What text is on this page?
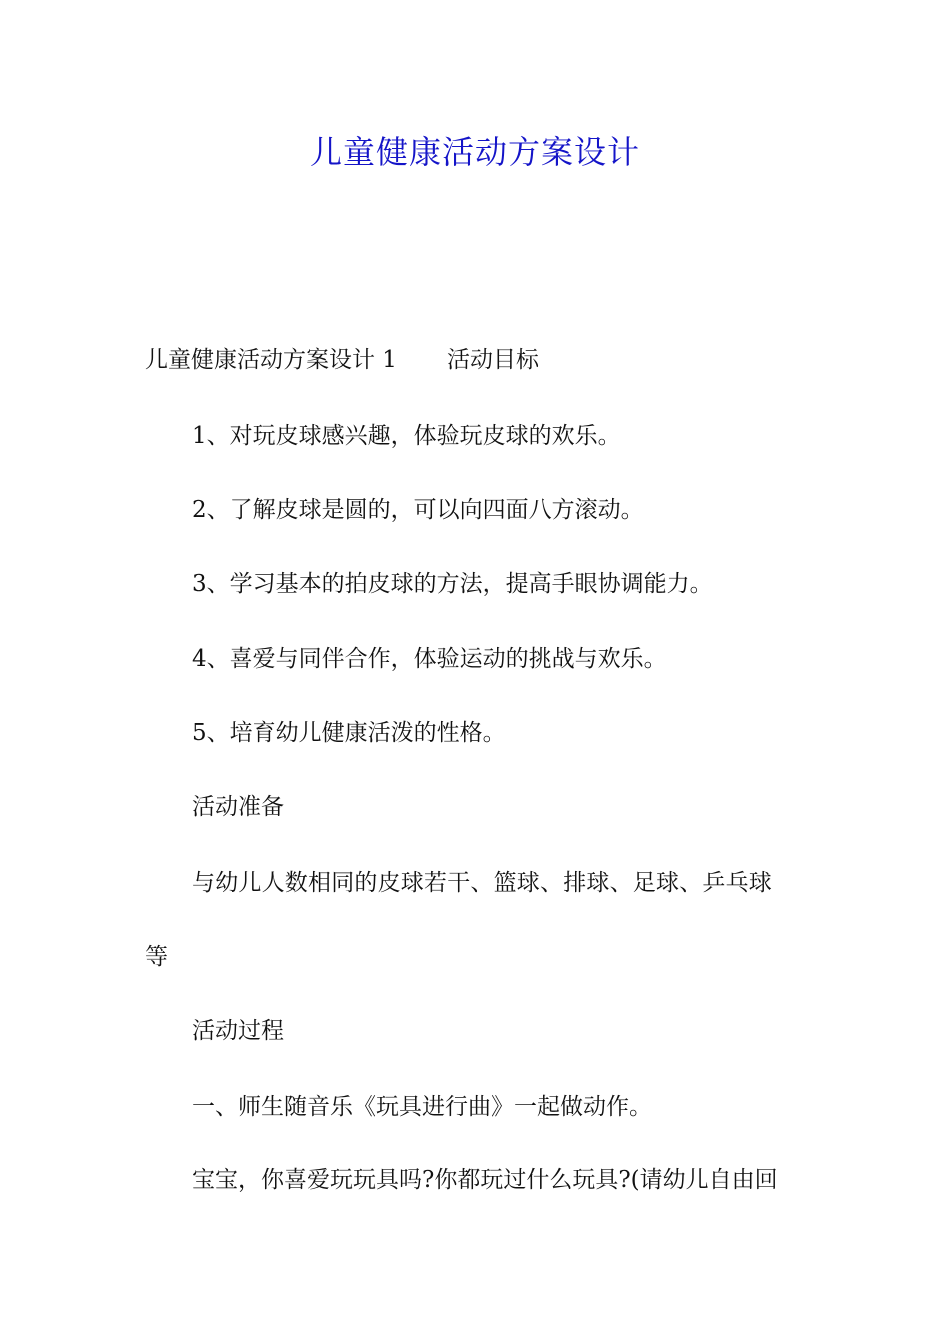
儿童健康活动方案设计
儿童健康活动方案设计 1 活动目标
1、对玩皮球感兴趣，体验玩皮球的欢乐。
2、了解皮球是圆的，可以向四面八方滚动。
3、学习基本的拍皮球的方法，提高手眼协调能力。
4、喜爱与同伴合作，体验运动的挑战与欢乐。
5、培育幼儿健康活泼的性格。
活动准备
与幼儿人数相同的皮球若干、篮球、排球、足球、乒乓球
等
活动过程
一、师生随音乐《玩具进行曲》一起做动作。
宝宝，你喜爱玩玩具吗?你都玩过什么玩具?(请幼儿自由回
